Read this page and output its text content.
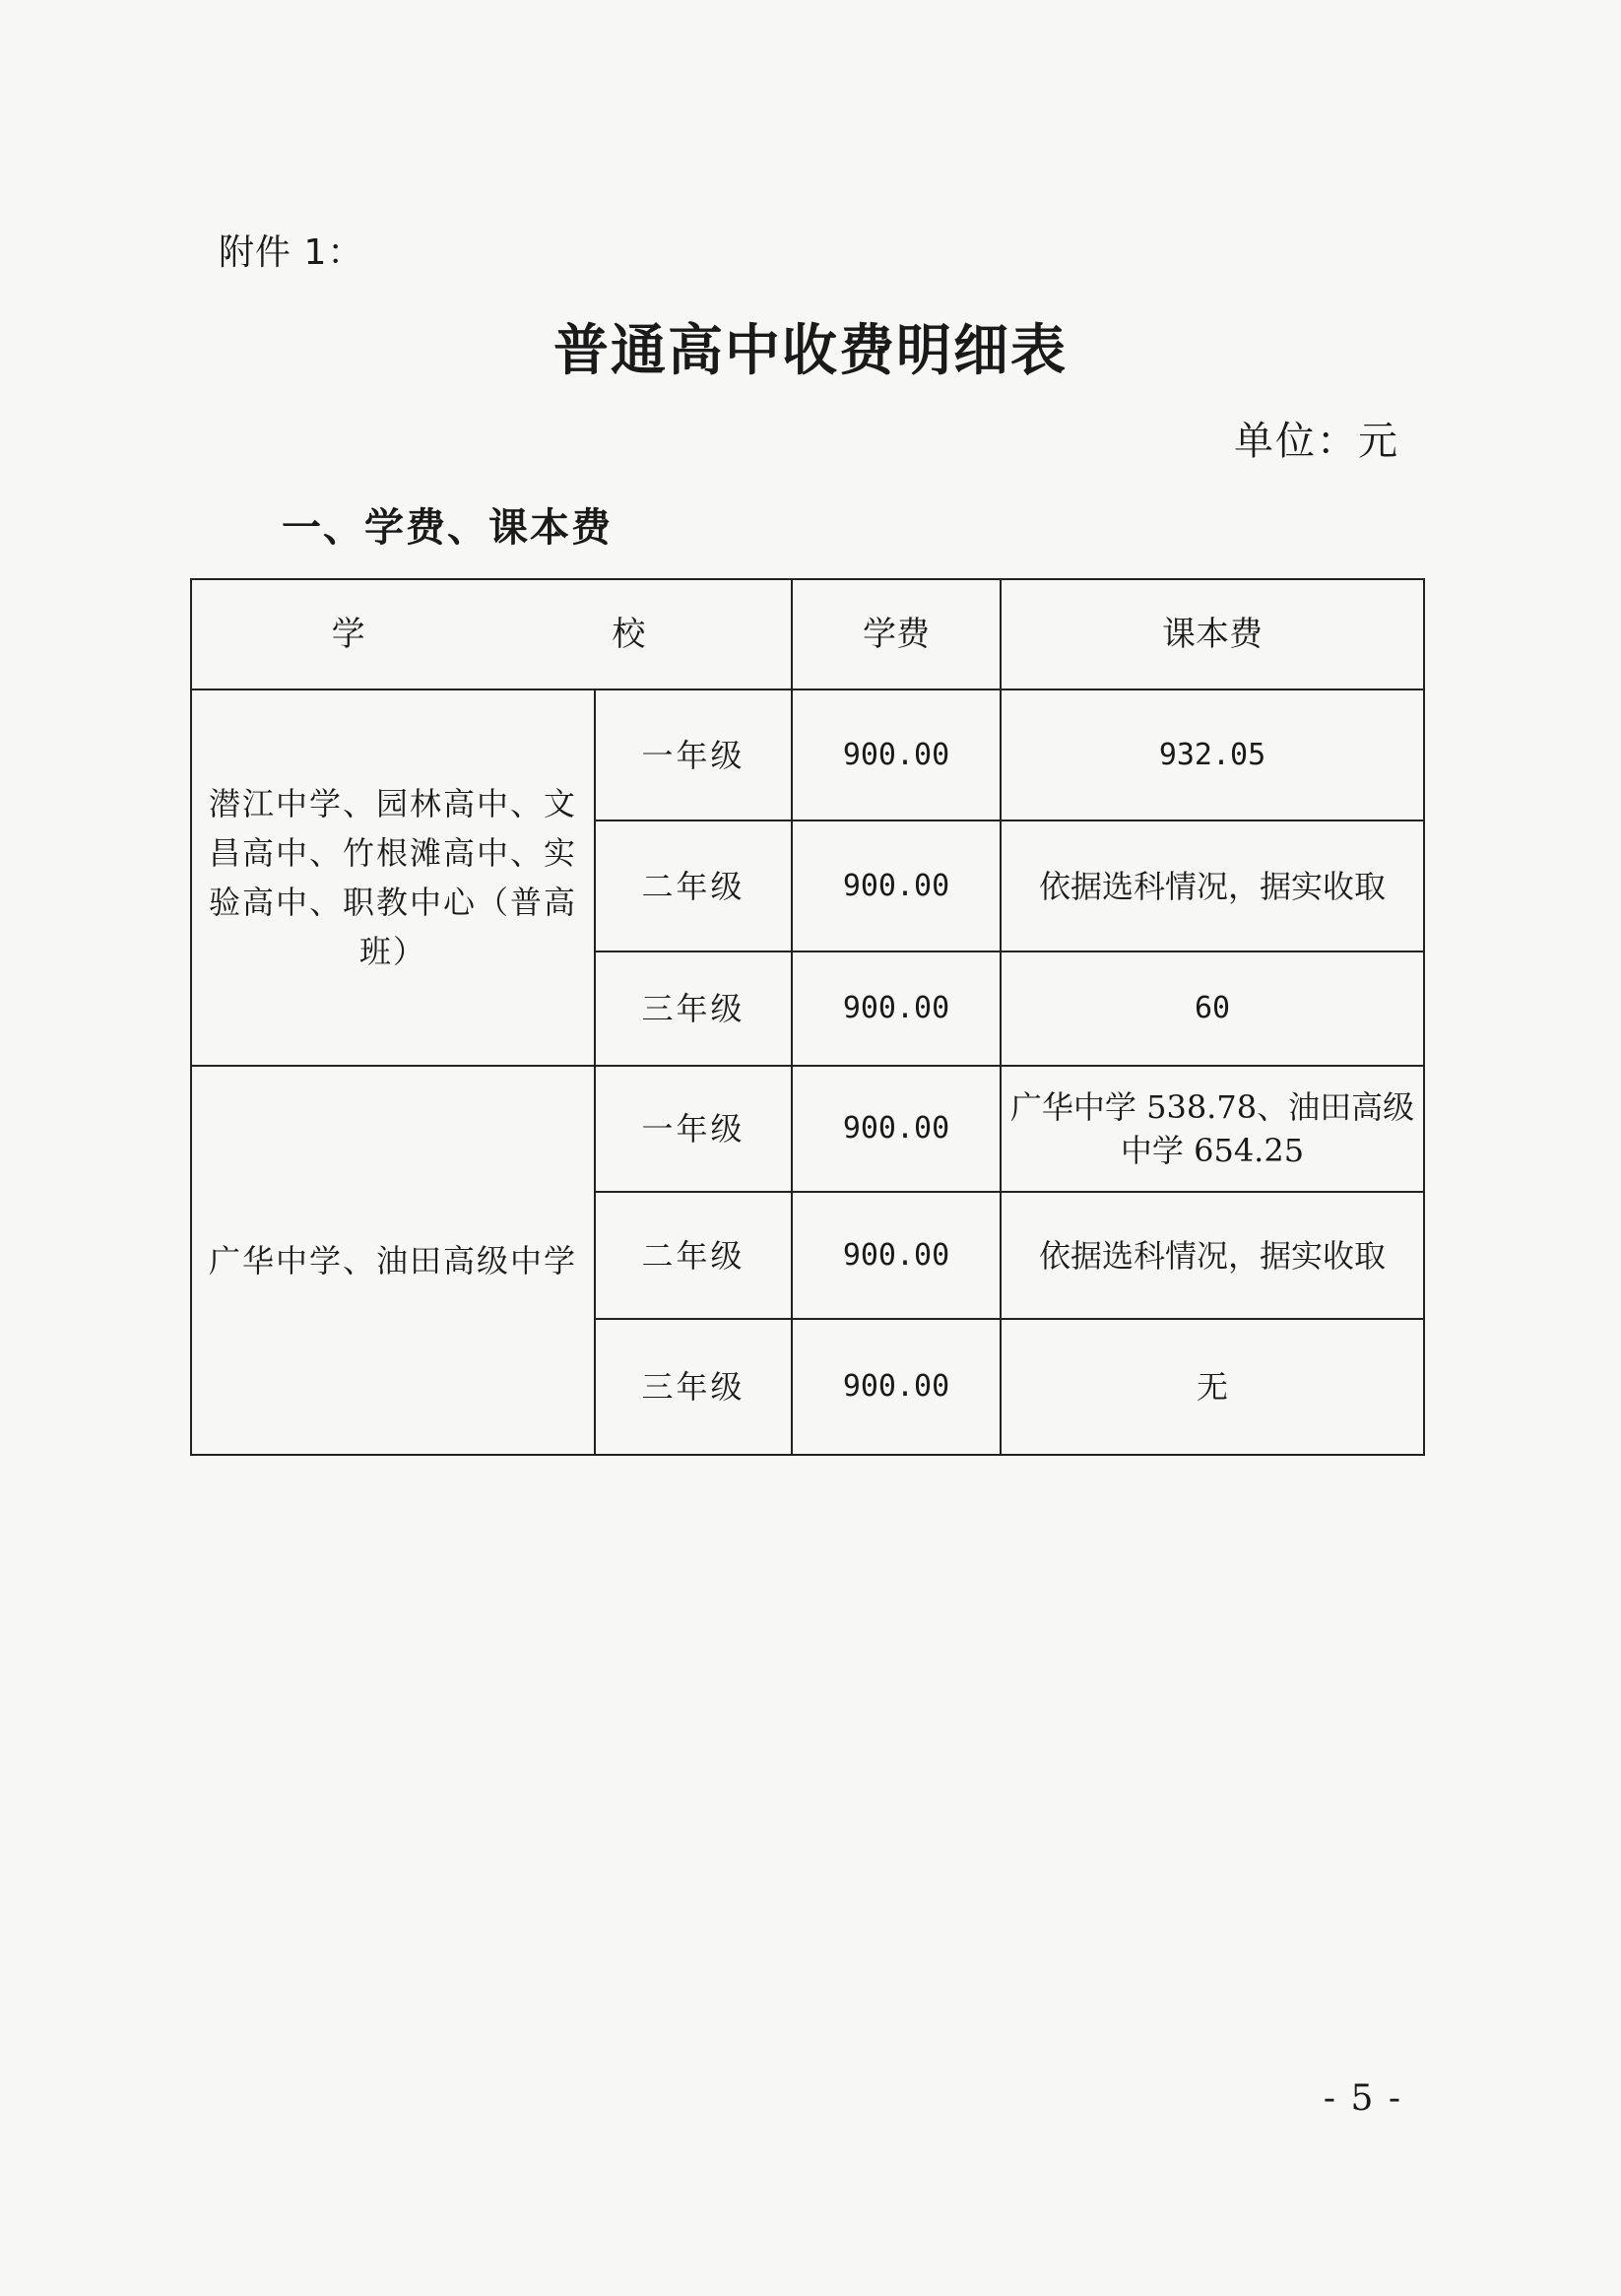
附件 1：
普通高中收费明细表
单位：元
一、学费、课本费
学 校		学费	课本费
潜江中学、园林高中、文昌高中、竹根滩高中、实验高中、职教中心（普高班）	一年级	900.00	932.05
	二年级	900.00	依据选科情况，据实收取
	三年级	900.00	60
广华中学、油田高级中学	一年级	900.00	广华中学 538.78、油田高级中学 654.25
	二年级	900.00	依据选科情况，据实收取
	三年级	900.00	无
- 5 -
